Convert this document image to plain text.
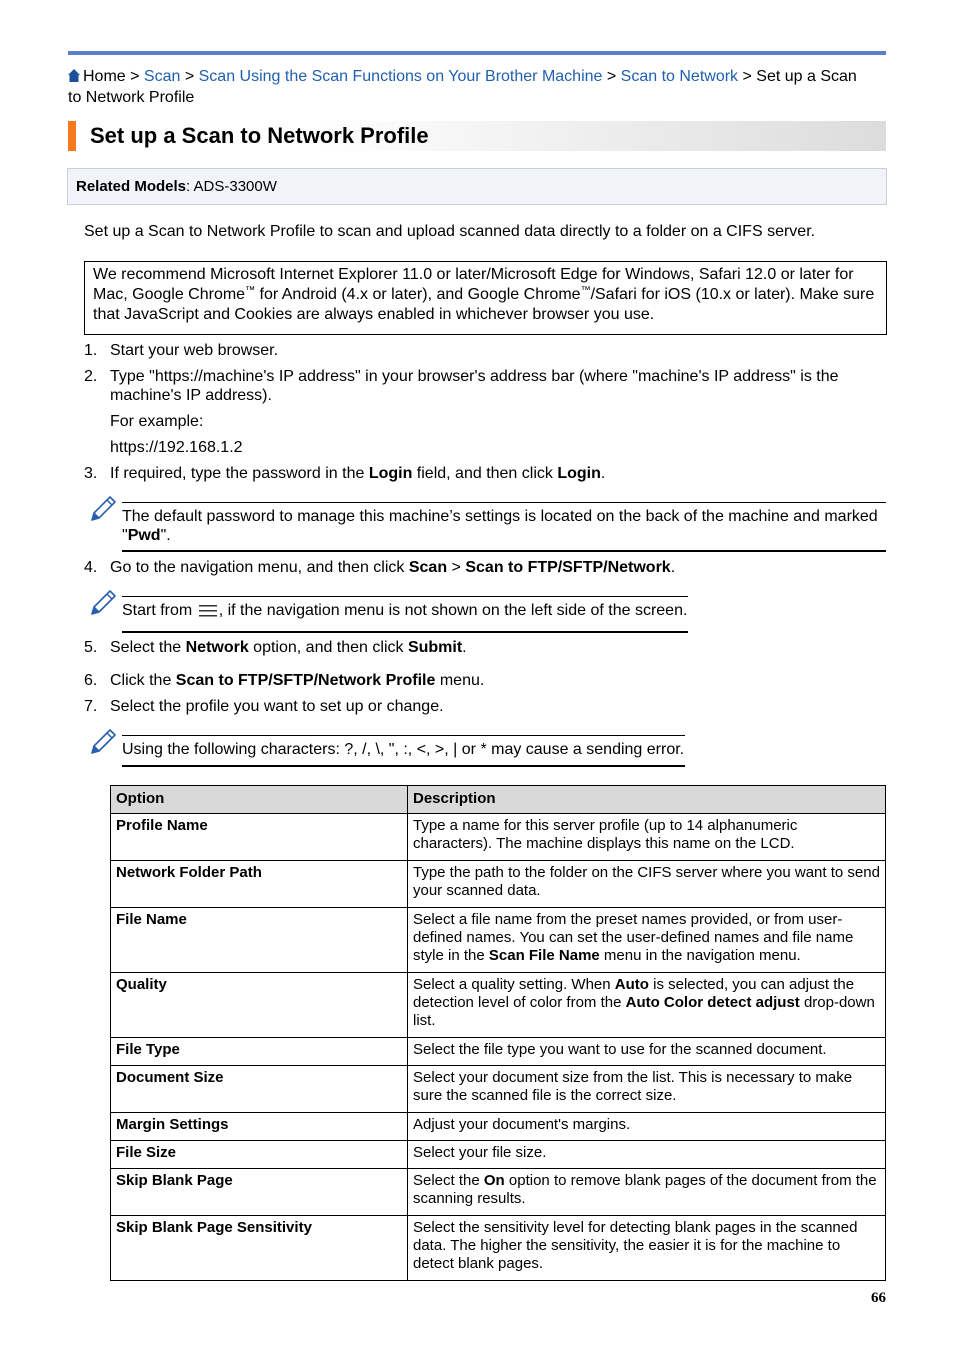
Home > Scan > Scan Using the Scan Functions on Your Brother Machine > Scan to Network > Set up a Scan to Network Profile
Set up a Scan to Network Profile
Related Models: ADS-3300W
Set up a Scan to Network Profile to scan and upload scanned data directly to a folder on a CIFS server.
We recommend Microsoft Internet Explorer 11.0 or later/Microsoft Edge for Windows, Safari 12.0 or later for Mac, Google Chrome™ for Android (4.x or later), and Google Chrome™/Safari for iOS (10.x or later). Make sure that JavaScript and Cookies are always enabled in whichever browser you use.
1. Start your web browser.
2. Type "https://machine's IP address" in your browser's address bar (where "machine's IP address" is the machine's IP address).
For example:
https://192.168.1.2
3. If required, type the password in the Login field, and then click Login.
The default password to manage this machine’s settings is located on the back of the machine and marked "Pwd".
4. Go to the navigation menu, and then click Scan > Scan to FTP/SFTP/Network.
Start from , if the navigation menu is not shown on the left side of the screen.
5. Select the Network option, and then click Submit.
6. Click the Scan to FTP/SFTP/Network Profile menu.
7. Select the profile you want to set up or change.
Using the following characters: ?, /, \, ", :, <, >, | or * may cause a sending error.
Option	Description
Profile Name	Type a name for this server profile (up to 14 alphanumeric characters). The machine displays this name on the LCD.
Network Folder Path	Type the path to the folder on the CIFS server where you want to send your scanned data.
File Name	Select a file name from the preset names provided, or from user-defined names. You can set the user-defined names and file name style in the Scan File Name menu in the navigation menu.
Quality	Select a quality setting. When Auto is selected, you can adjust the detection level of color from the Auto Color detect adjust drop-down list.
File Type	Select the file type you want to use for the scanned document.
Document Size	Select your document size from the list. This is necessary to make sure the scanned file is the correct size.
Margin Settings	Adjust your document's margins.
File Size	Select your file size.
Skip Blank Page	Select the On option to remove blank pages of the document from the scanning results.
Skip Blank Page Sensitivity	Select the sensitivity level for detecting blank pages in the scanned data. The higher the sensitivity, the easier it is for the machine to detect blank pages.
66
